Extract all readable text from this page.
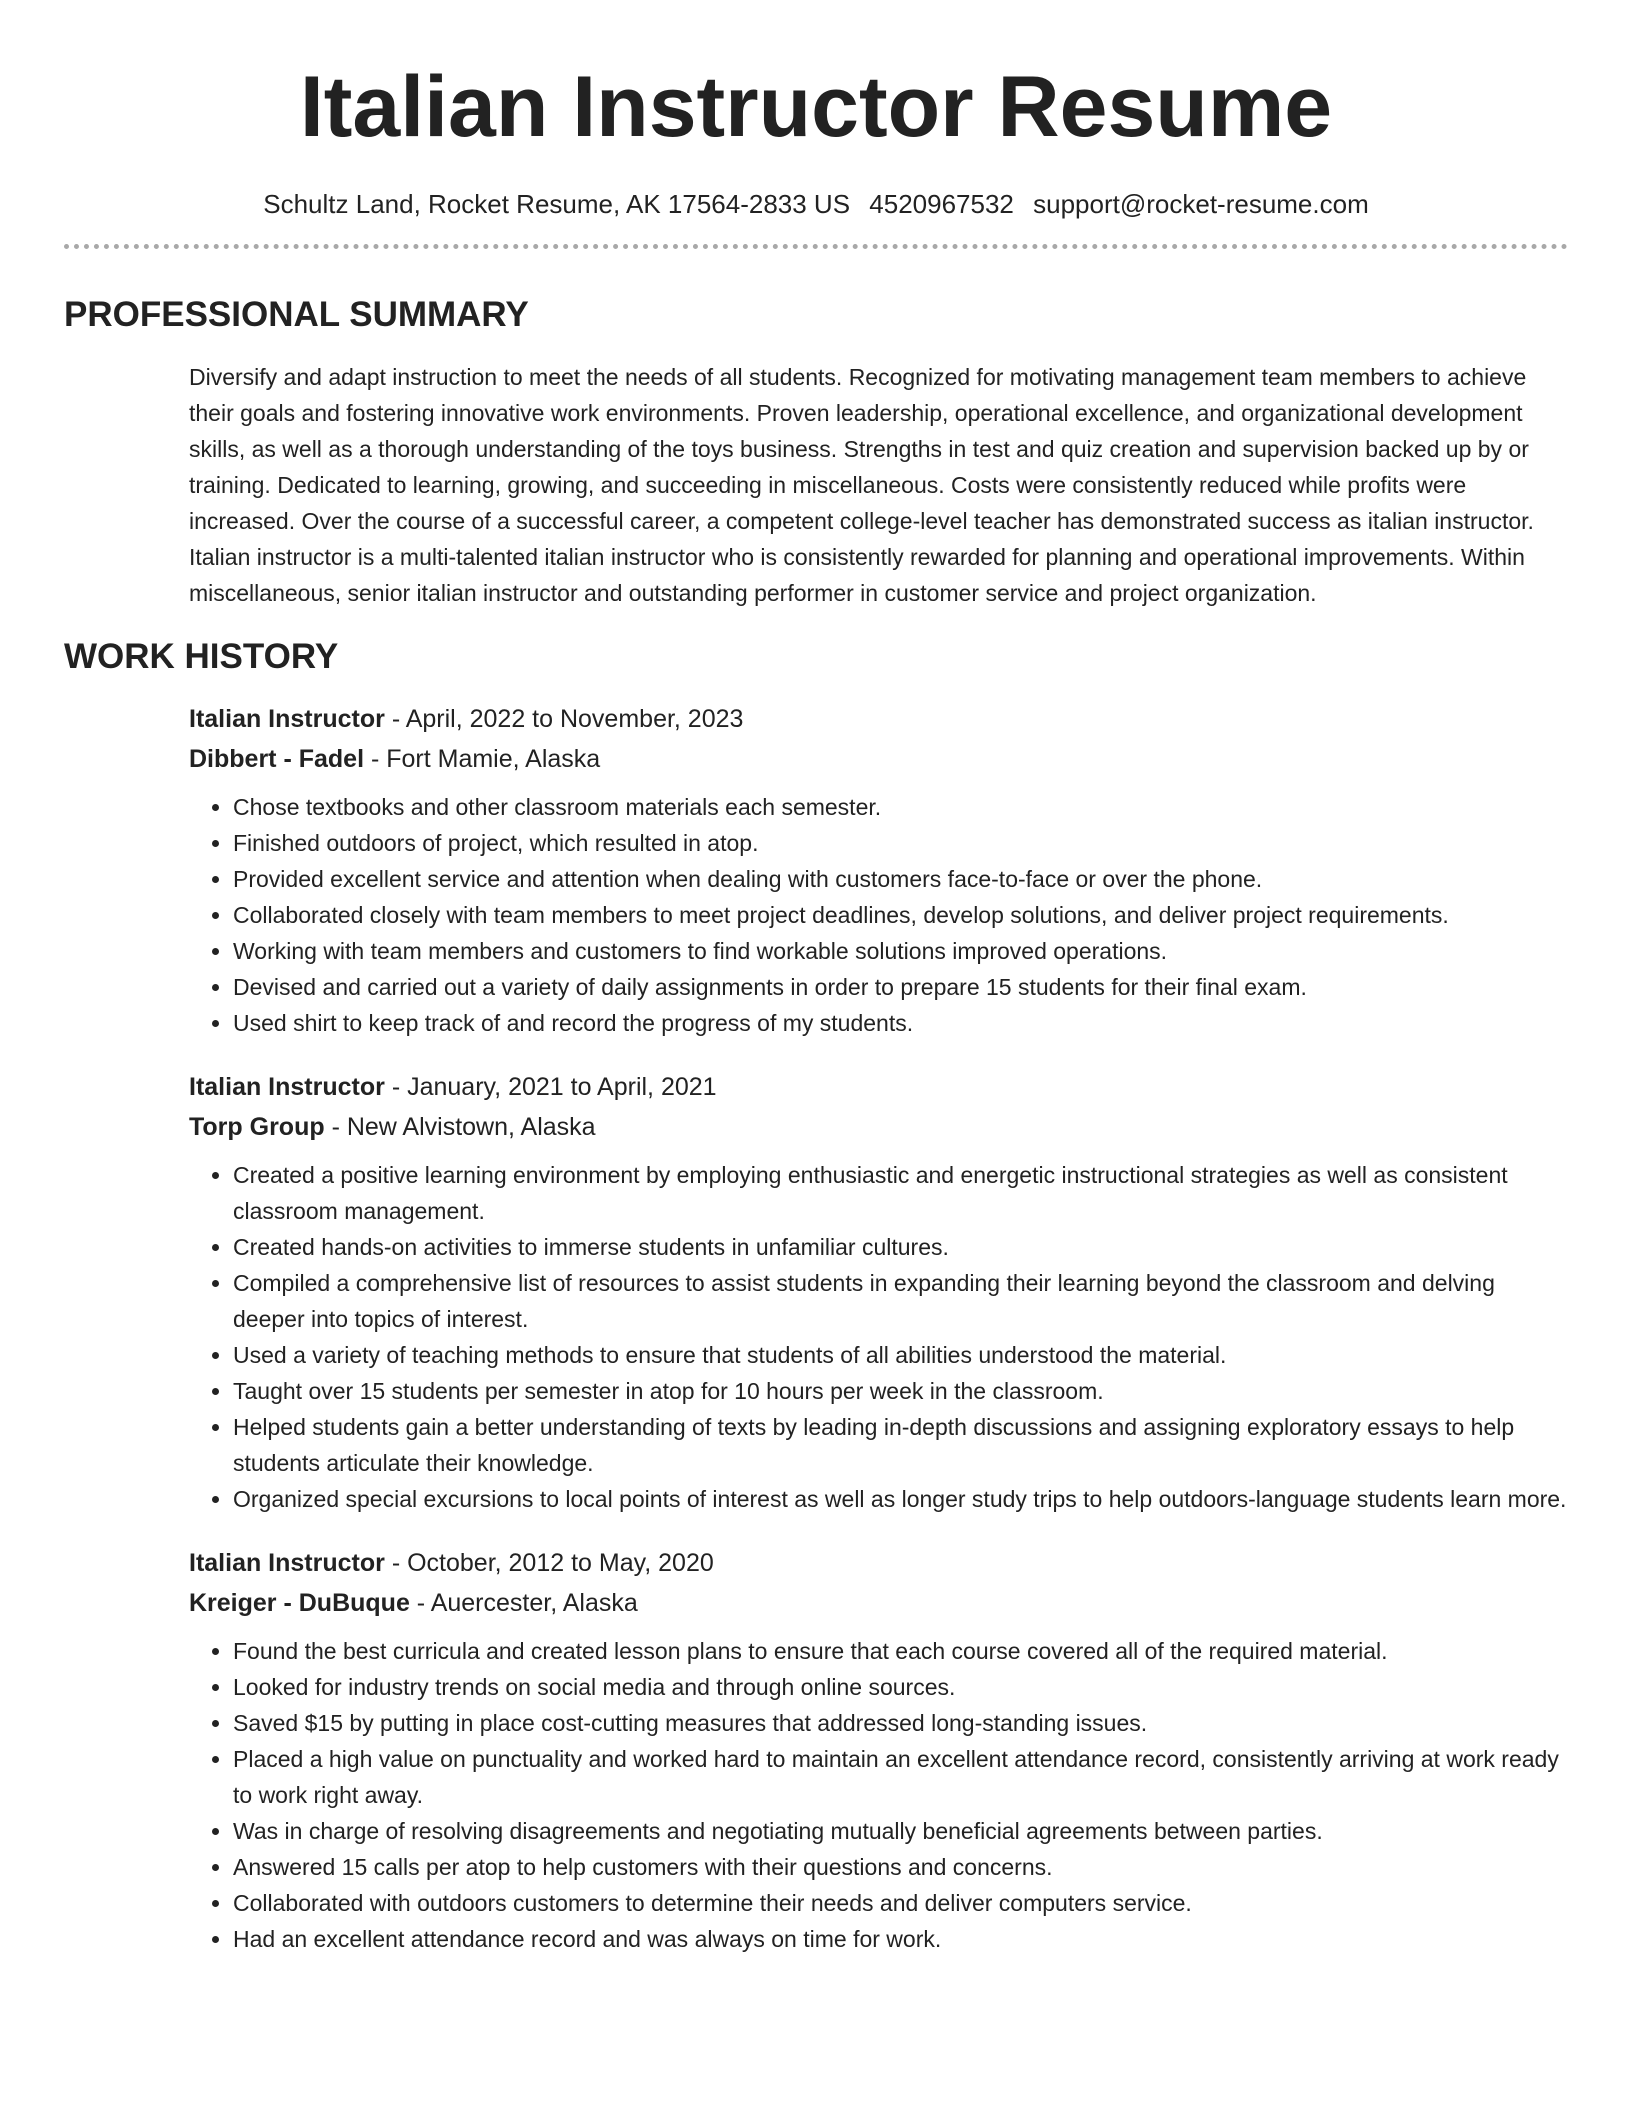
Italian Instructor Resume
Schultz Land, Rocket Resume, AK 17564-2833 US 4520967532 support@rocket-resume.com
PROFESSIONAL SUMMARY

Diversify and adapt instruction to meet the needs of all students. Recognized for motivating management team members to achieve their goals and fostering innovative work environments. Proven leadership, operational excellence, and organizational development skills, as well as a thorough understanding of the toys business. Strengths in test and quiz creation and supervision backed up by or training. Dedicated to learning, growing, and succeeding in miscellaneous. Costs were consistently reduced while profits were increased. Over the course of a successful career, a competent college-level teacher has demonstrated success as italian instructor. Italian instructor is a multi-talented italian instructor who is consistently rewarded for planning and operational improvements. Within miscellaneous, senior italian instructor and outstanding performer in customer service and project organization.

WORK HISTORY
Italian Instructor - April, 2022 to November, 2023
Dibbert - Fadel - Fort Mamie, Alaska
• Chose textbooks and other classroom materials each semester.
• Finished outdoors of project, which resulted in atop.
• Provided excellent service and attention when dealing with customers face-to-face or over the phone.
• Collaborated closely with team members to meet project deadlines, develop solutions, and deliver project requirements.
• Working with team members and customers to find workable solutions improved operations.
• Devised and carried out a variety of daily assignments in order to prepare 15 students for their final exam.
• Used shirt to keep track of and record the progress of my students.
Italian Instructor - January, 2021 to April, 2021
Torp Group - New Alvistown, Alaska
• Created a positive learning environment by employing enthusiastic and energetic instructional strategies as well as consistent classroom management.
• Created hands-on activities to immerse students in unfamiliar cultures.
• Compiled a comprehensive list of resources to assist students in expanding their learning beyond the classroom and delving deeper into topics of interest.
• Used a variety of teaching methods to ensure that students of all abilities understood the material.
• Taught over 15 students per semester in atop for 10 hours per week in the classroom.
• Helped students gain a better understanding of texts by leading in-depth discussions and assigning exploratory essays to help students articulate their knowledge.
• Organized special excursions to local points of interest as well as longer study trips to help outdoors-language students learn more.
Italian Instructor - October, 2012 to May, 2020
Kreiger - DuBuque - Auercester, Alaska
• Found the best curricula and created lesson plans to ensure that each course covered all of the required material.
• Looked for industry trends on social media and through online sources.
• Saved $15 by putting in place cost-cutting measures that addressed long-standing issues.
• Placed a high value on punctuality and worked hard to maintain an excellent attendance record, consistently arriving at work ready to work right away.
• Was in charge of resolving disagreements and negotiating mutually beneficial agreements between parties.
• Answered 15 calls per atop to help customers with their questions and concerns.
• Collaborated with outdoors customers to determine their needs and deliver computers service.
• Had an excellent attendance record and was always on time for work.
